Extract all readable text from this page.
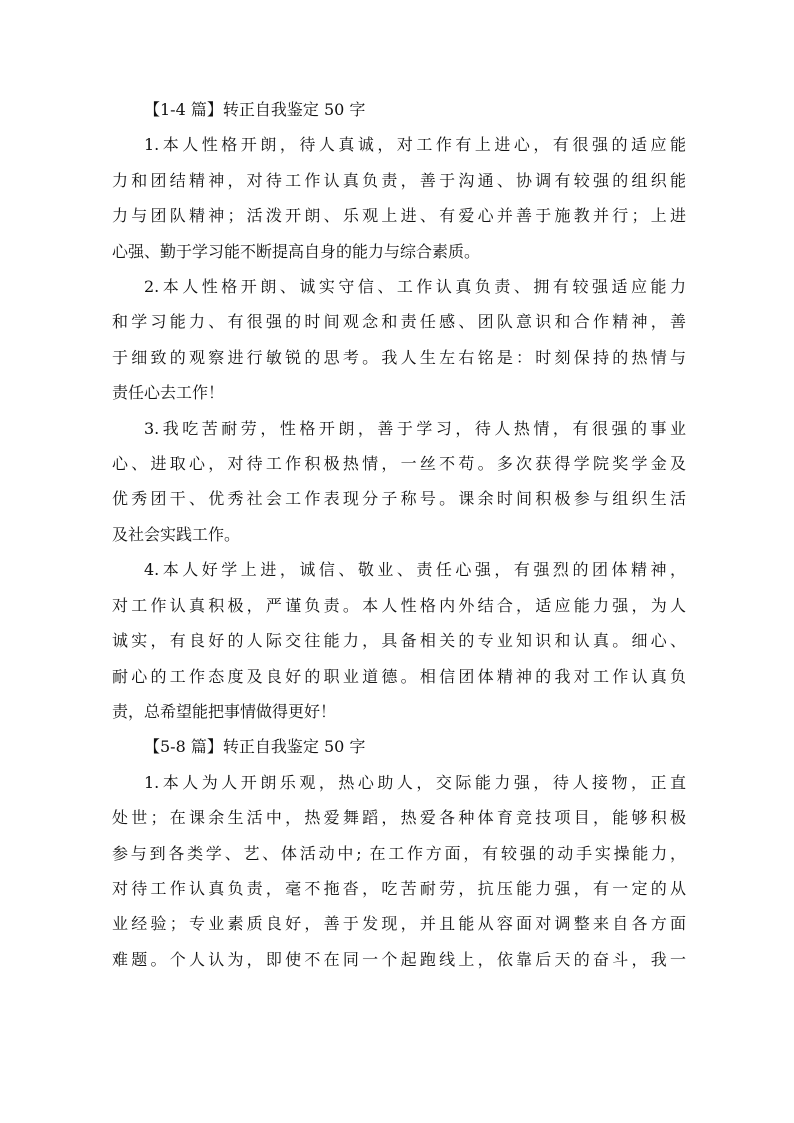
【1-4 篇】转正自我鉴定 50 字

1.本人性格开朗，待人真诚，对工作有上进心，有很强的适应能
力和团结精神，对待工作认真负责，善于沟通、协调有较强的组织能
力与团队精神；活泼开朗、乐观上进、有爱心并善于施教并行；上进
心强、勤于学习能不断提高自身的能力与综合素质。

2.本人性格开朗、诚实守信、工作认真负责、拥有较强适应能力
和学习能力、有很强的时间观念和责任感、团队意识和合作精神，善
于细致的观察进行敏锐的思考。我人生左右铭是：时刻保持的热情与
责任心去工作！

3.我吃苦耐劳，性格开朗，善于学习，待人热情，有很强的事业
心、进取心，对待工作积极热情，一丝不苟。多次获得学院奖学金及
优秀团干、优秀社会工作表现分子称号。课余时间积极参与组织生活
及社会实践工作。

4.本人好学上进，诚信、敬业、责任心强，有强烈的团体精神，
对工作认真积极，严谨负责。本人性格内外结合，适应能力强，为人
诚实，有良好的人际交往能力，具备相关的专业知识和认真。细心、
耐心的工作态度及良好的职业道德。相信团体精神的我对工作认真负
责，总希望能把事情做得更好！

【5-8 篇】转正自我鉴定 50 字

1.本人为人开朗乐观，热心助人，交际能力强，待人接物，正直
处世；在课余生活中，热爱舞蹈，热爱各种体育竞技项目，能够积极
参与到各类学、艺、体活动中; 在工作方面，有较强的动手实操能力，
对待工作认真负责，毫不拖沓，吃苦耐劳，抗压能力强，有一定的从
业经验；专业素质良好，善于发现，并且能从容面对调整来自各方面
难题。个人认为，即使不在同一个起跑线上，依靠后天的奋斗，我一
